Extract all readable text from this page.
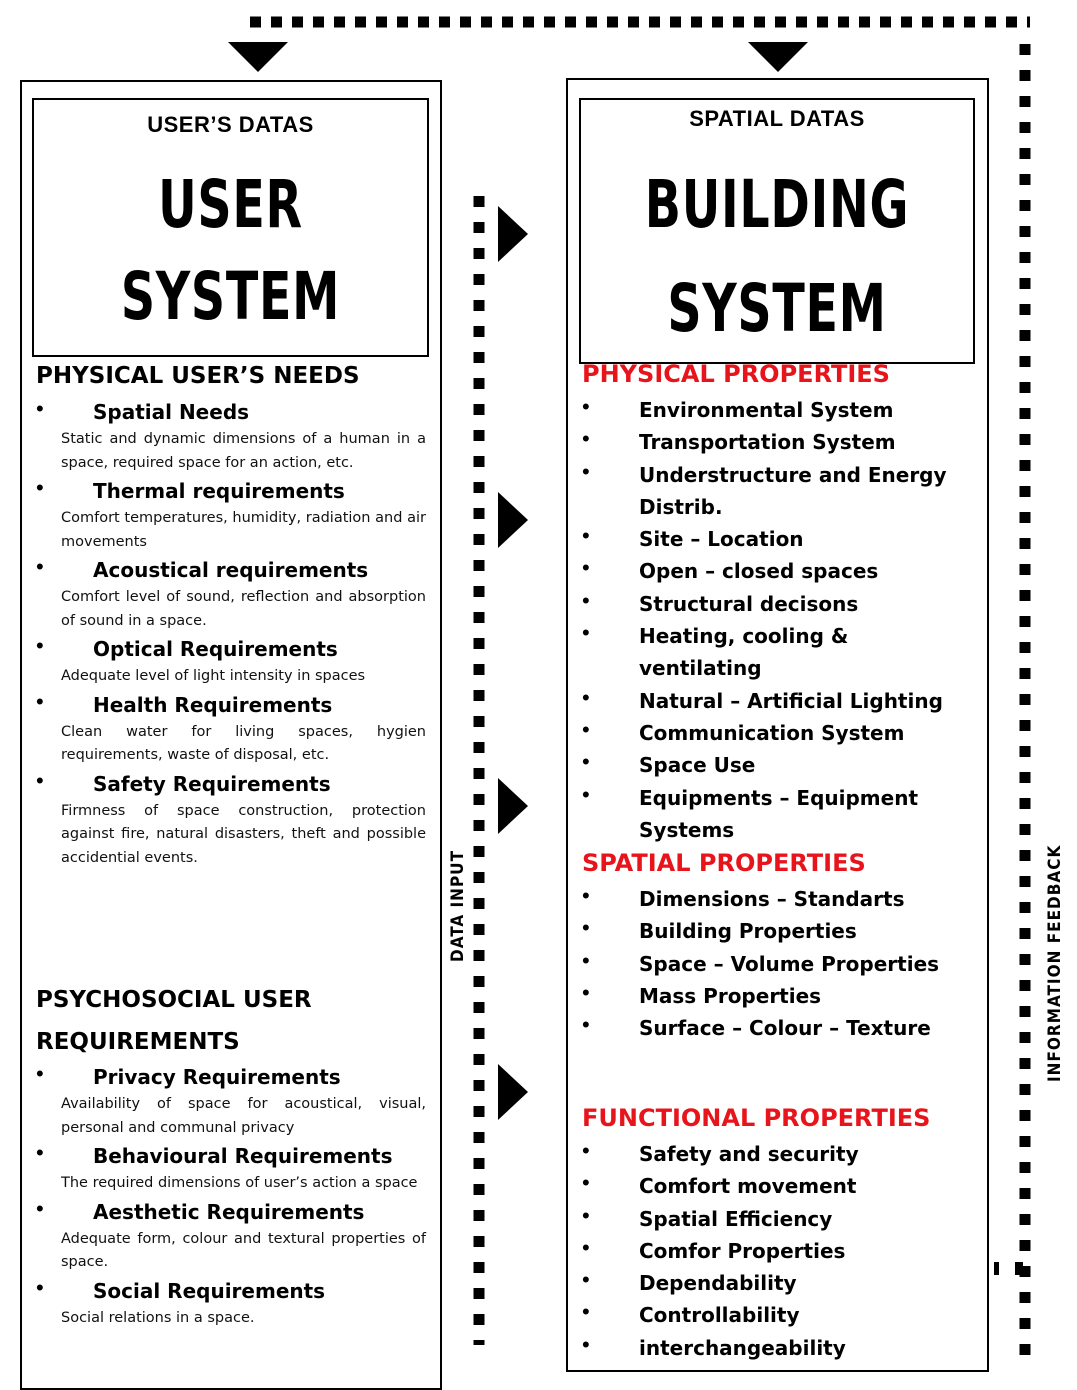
USER’S DATAS
USER
SYSTEM
PHYSICAL USER’S NEEDS
•	Spatial Needs
Static and dynamic dimensions of a human in a space, required space for an action, etc.
•	Thermal requirements
Comfort temperatures, humidity, radiation and air movements
•	Acoustical requirements
Comfort level of sound, reflection and absorption of sound in a space.
•	Optical Requirements
Adequate level of light intensity in spaces
•	Health Requirements
Clean water for living spaces, hygien requirements, waste of disposal, etc.
•	Safety Requirements
Firmness of space construction, protection against fire, natural disasters, theft and possible accidential events.
PSYCHOSOCIAL USER
REQUIREMENTS
•	Privacy Requirements
Availability of space for acoustical, visual, personal and communal privacy
•	Behavioural Requirements
The required dimensions of user’s action a space
•	Aesthetic Requirements
Adequate form, colour and textural properties of space.
•	Social Requirements
Social relations in a space.
DATA INPUT
SPATIAL DATAS
BUILDING
SYSTEM
PHYSICAL PROPERTIES
•	Environmental System
•	Transportation System
•	Understructure and Energy Distrib.
•	Site – Location
•	Open – closed spaces
•	Structural decisons
•	Heating, cooling & ventilating
•	Natural – Artificial Lighting
•	Communication System
•	Space Use
•	Equipments – Equipment Systems
SPATIAL PROPERTIES
•	Dimensions – Standarts
•	Building Properties
•	Space – Volume Properties
•	Mass Properties
•	Surface – Colour – Texture
FUNCTIONAL PROPERTIES
•	Safety and security
•	Comfort movement
•	Spatial Efficiency
•	Comfor Properties
•	Dependability
•	Controllability
•	interchangeability
INFORMATION FEEDBACK
